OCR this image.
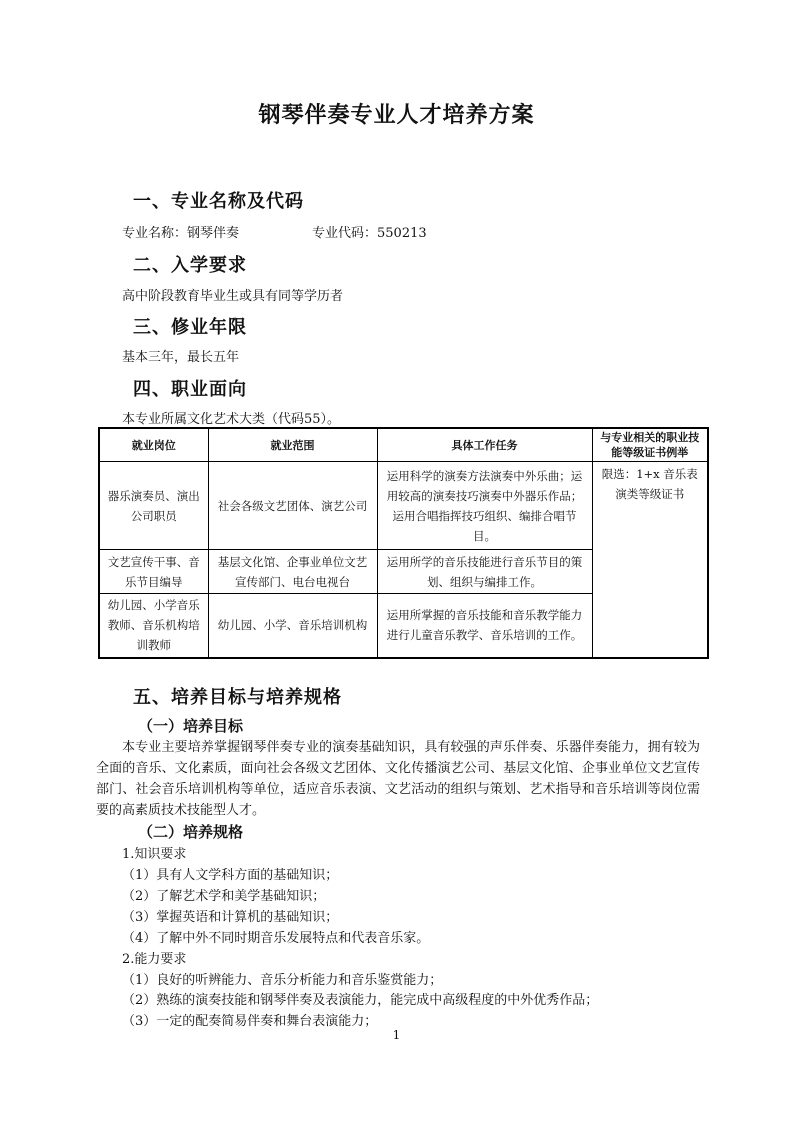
钢琴伴奏专业人才培养方案
一、专业名称及代码
专业名称：钢琴伴奏	专业代码：550213
二、入学要求
高中阶段教育毕业生或具有同等学历者
三、修业年限
基本三年，最长五年
四、职业面向
本专业所属文化艺术大类（代码55）。
就业岗位	就业范围	具体工作任务	与专业相关的职业技能等级证书例举
器乐演奏员、演出公司职员	社会各级文艺团体、演艺公司	运用科学的演奏方法演奏中外乐曲；运用较高的演奏技巧演奏中外器乐作品；运用合唱指挥技巧组织、编排合唱节目。	限选：1+x 音乐表演类等级证书
文艺宣传干事、音乐节目编导	基层文化馆、企事业单位文艺宣传部门、电台电视台	运用所学的音乐技能进行音乐节目的策划、组织与编排工作。	
幼儿园、小学音乐教师、音乐机构培训教师	幼儿园、小学、音乐培训机构	运用所掌握的音乐技能和音乐教学能力进行儿童音乐教学、音乐培训的工作。	
五、培养目标与培养规格
（一）培养目标
本专业主要培养掌握钢琴伴奏专业的演奏基础知识，具有较强的声乐伴奏、乐器伴奏能力，拥有较为全面的音乐、文化素质，面向社会各级文艺团体、文化传播演艺公司、基层文化馆、企事业单位文艺宣传部门、社会音乐培训机构等单位，适应音乐表演、文艺活动的组织与策划、艺术指导和音乐培训等岗位需要的高素质技术技能型人才。
（二）培养规格
1.知识要求
（1）具有人文学科方面的基础知识；
（2）了解艺术学和美学基础知识；
（3）掌握英语和计算机的基础知识；
（4）了解中外不同时期音乐发展特点和代表音乐家。
2.能力要求
（1）良好的听辨能力、音乐分析能力和音乐鉴赏能力；
（2）熟练的演奏技能和钢琴伴奏及表演能力，能完成中高级程度的中外优秀作品；
（3）一定的配奏简易伴奏和舞台表演能力；
1
